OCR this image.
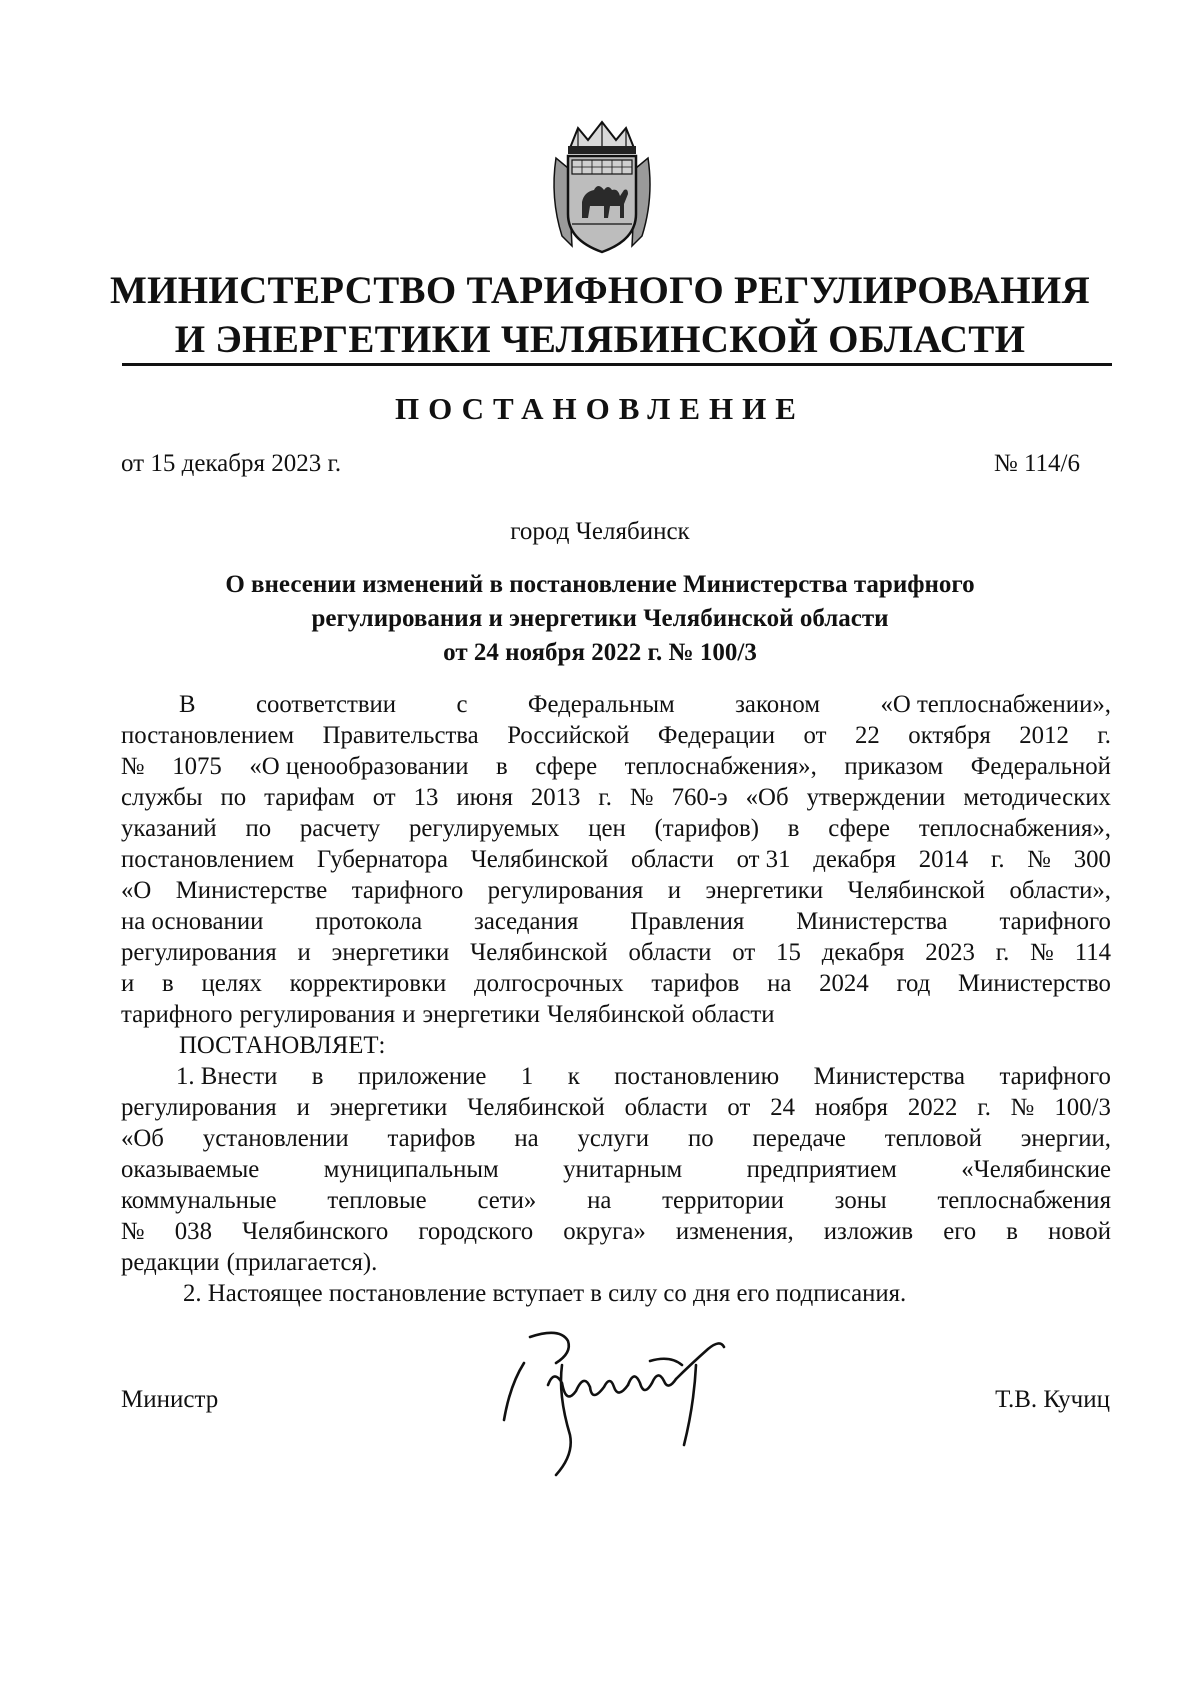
МИНИСТЕРСТВО ТАРИФНОГО РЕГУЛИРОВАНИЯ
И ЭНЕРГЕТИКИ ЧЕЛЯБИНСКОЙ ОБЛАСТИ
ПОСТАНОВЛЕНИЕ
от 15 декабря 2023 г.	№ 114/6
город Челябинск
О внесении изменений в постановление Министерства тарифного
регулирования и энергетики Челябинской области
от 24 ноября 2022 г. № 100/3
В соответствии с Федеральным законом «О теплоснабжении»,
постановлением Правительства Российской Федерации от 22 октября 2012 г.
№ 1075 «О ценообразовании в сфере теплоснабжения», приказом Федеральной
службы по тарифам от 13 июня 2013 г. № 760-э «Об утверждении методических
указаний по расчету регулируемых цен (тарифов) в сфере теплоснабжения»,
постановлением Губернатора Челябинской области от 31 декабря 2014 г. № 300
«О Министерстве тарифного регулирования и энергетики Челябинской области»,
на основании протокола заседания Правления Министерства тарифного
регулирования и энергетики Челябинской области от 15 декабря 2023 г. № 114
и в целях корректировки долгосрочных тарифов на 2024 год Министерство
тарифного регулирования и энергетики Челябинской области
ПОСТАНОВЛЯЕТ:
1. Внести в приложение 1 к постановлению Министерства тарифного
регулирования и энергетики Челябинской области от 24 ноября 2022 г. № 100/3
«Об установлении тарифов на услуги по передаче тепловой энергии,
оказываемые	муниципальным	унитарным	предприятием	«Челябинские
коммунальные тепловые сети» на территории зоны теплоснабжения
№ 038 Челябинского городского округа» изменения, изложив его в новой
редакции (прилагается).
2. Настоящее постановление вступает в силу со дня его подписания.
Министр	Т.В. Кучиц
